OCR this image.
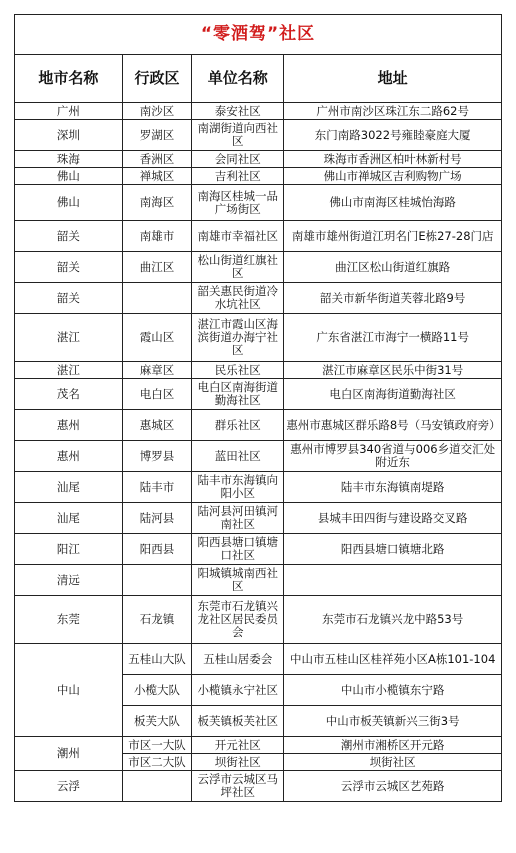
“零酒驾”社区			
地市名称	行政区	单位名称	地址
广州	南沙区	泰安社区	广州市南沙区珠江东二路62号
深圳	罗湖区	南湖街道向西社区	东门南路3022号雍睦豪庭大厦
珠海	香洲区	会同社区	珠海市香洲区柏叶林新村号
佛山	禅城区	吉利社区	佛山市禅城区吉利购物广场
佛山	南海区	南海区桂城一品广场街区	佛山市南海区桂城怡海路
韶关	南雄市	南雄市幸福社区	南雄市雄州街道江玥名门E栋27-28门店
韶关	曲江区	松山街道红旗社区	曲江区松山街道红旗路
韶关		韶关惠民街道冷水坑社区	韶关市新华街道芙蓉北路9号
湛江	霞山区	湛江市霞山区海滨街道办海宁社区	广东省湛江市海宁一横路11号
湛江	麻章区	民乐社区	湛江市麻章区民乐中街31号
茂名	电白区	电白区南海街道勤海社区	电白区南海街道勤海社区
惠州	惠城区	群乐社区	惠州市惠城区群乐路8号（马安镇政府旁）
惠州	博罗县	蓝田社区	惠州市博罗县340省道与006乡道交汇处附近东
汕尾	陆丰市	陆丰市东海镇向阳小区	陆丰市东海镇南堤路
汕尾	陆河县	陆河县河田镇河南社区	县城丰田四街与建设路交叉路
阳江	阳西县	阳西县塘口镇塘口社区	阳西县塘口镇塘北路
清远		阳城镇城南西社区	
东莞	石龙镇	东莞市石龙镇兴龙社区居民委员会	东莞市石龙镇兴龙中路53号
中山	五桂山大队	五桂山居委会	中山市五桂山区桂祥苑小区A栋101-104
	小榄大队	小榄镇永宁社区	中山市小榄镇东宁路
	板芙大队	板芙镇板芙社区	中山市板芙镇新兴三街3号
潮州	市区一大队	开元社区	潮州市湘桥区开元路
	市区二大队	坝街社区	坝街社区
云浮		云浮市云城区马坪社区	云浮市云城区艺苑路
